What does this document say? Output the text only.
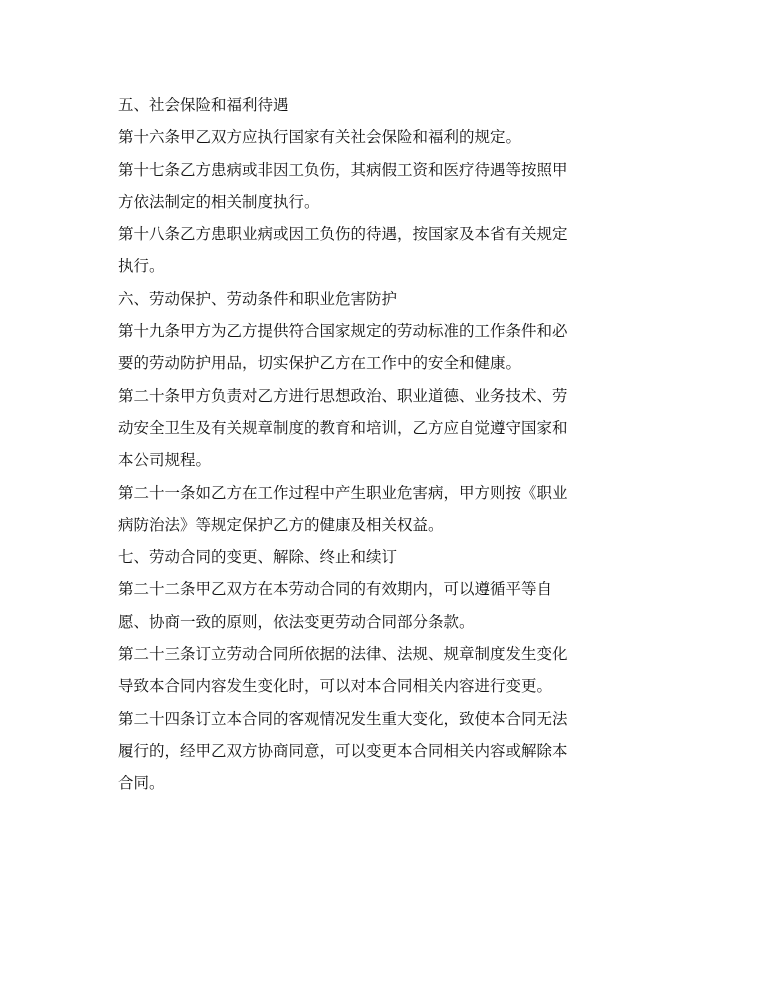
五、社会保险和福利待遇
第十六条甲乙双方应执行国家有关社会保险和福利的规定。
第十七条乙方患病或非因工负伤，其病假工资和医疗待遇等按照甲
方依法制定的相关制度执行。
第十八条乙方患职业病或因工负伤的待遇，按国家及本省有关规定
执行。
六、劳动保护、劳动条件和职业危害防护
第十九条甲方为乙方提供符合国家规定的劳动标准的工作条件和必
要的劳动防护用品，切实保护乙方在工作中的安全和健康。
第二十条甲方负责对乙方进行思想政治、职业道德、业务技术、劳
动安全卫生及有关规章制度的教育和培训，乙方应自觉遵守国家和
本公司规程。
第二十一条如乙方在工作过程中产生职业危害病，甲方则按《职业
病防治法》等规定保护乙方的健康及相关权益。
七、劳动合同的变更、解除、终止和续订
第二十二条甲乙双方在本劳动合同的有效期内，可以遵循平等自
愿、协商一致的原则，依法变更劳动合同部分条款。
第二十三条订立劳动合同所依据的法律、法规、规章制度发生变化
导致本合同内容发生变化时，可以对本合同相关内容进行变更。
第二十四条订立本合同的客观情况发生重大变化，致使本合同无法
履行的，经甲乙双方协商同意，可以变更本合同相关内容或解除本
合同。
